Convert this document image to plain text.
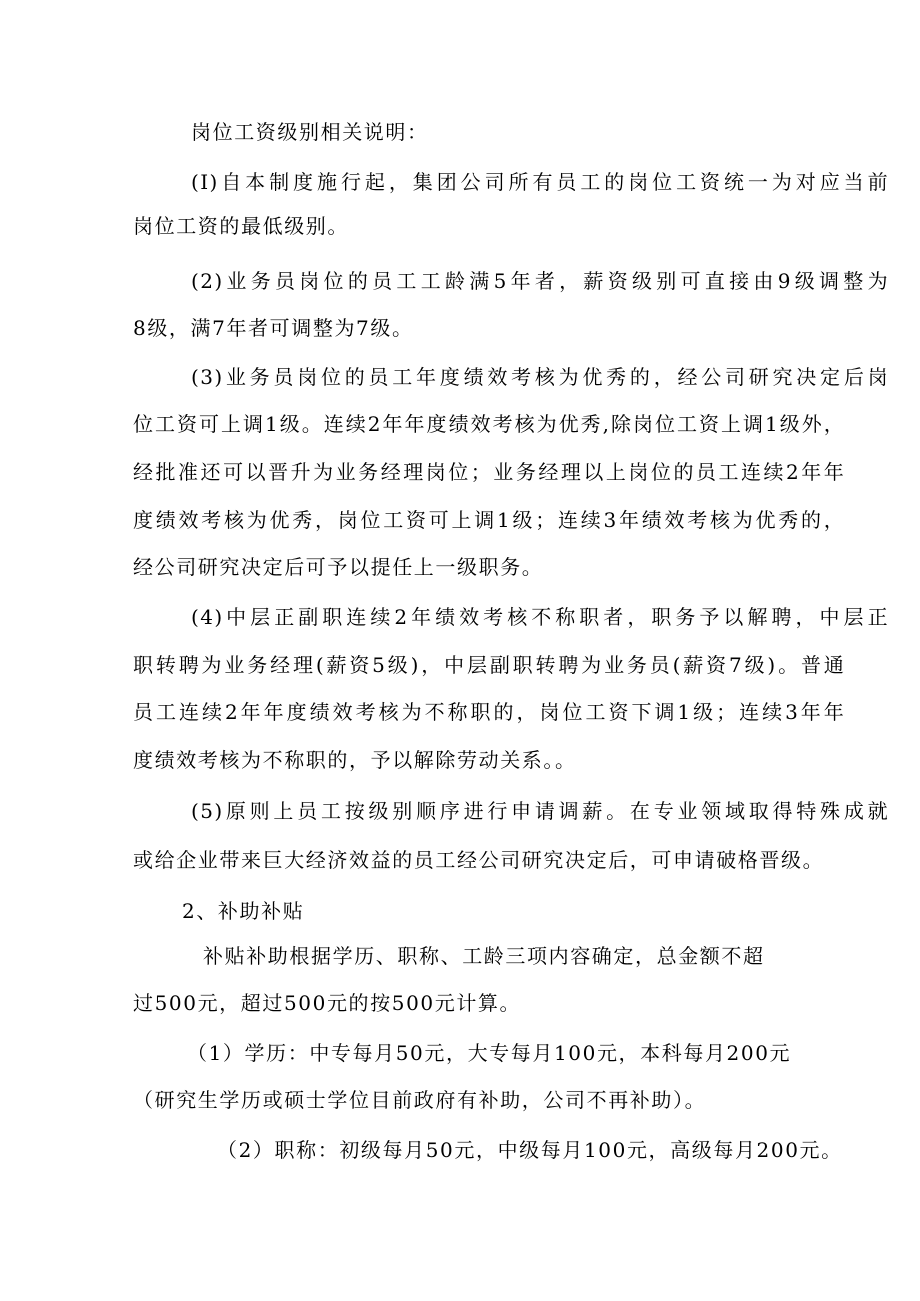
岗位工资级别相关说明：

(I)自本制度施行起，集团公司所有员工的岗位工资统一为对应当前

岗位工资的最低级别。

(2)业务员岗位的员工工龄满5年者，薪资级别可直接由9级调整为

8级，满7年者可调整为7级。

(3)业务员岗位的员工年度绩效考核为优秀的，经公司研究决定后岗

位工资可上调1级。连续2年年度绩效考核为优秀,除岗位工资上调1级外，

经批准还可以晋升为业务经理岗位；业务经理以上岗位的员工连续2年年

度绩效考核为优秀，岗位工资可上调1级；连续3年绩效考核为优秀的，

经公司研究决定后可予以提任上一级职务。

(4)中层正副职连续2年绩效考核不称职者，职务予以解聘，中层正

职转聘为业务经理(薪资5级)，中层副职转聘为业务员(薪资7级)。普通

员工连续2年年度绩效考核为不称职的，岗位工资下调1级；连续3年年

度绩效考核为不称职的，予以解除劳动关系。。

(5)原则上员工按级别顺序进行申请调薪。在专业领域取得特殊成就

或给企业带来巨大经济效益的员工经公司研究决定后，可申请破格晋级。

2、补助补贴

补贴补助根据学历、职称、工龄三项内容确定，总金额不超

过500元，超过500元的按500元计算。

（1）学历：中专每月50元，大专每月100元，本科每月200元

（研究生学历或硕士学位目前政府有补助，公司不再补助）。

（2）职称：初级每月50元，中级每月100元，高级每月200元。
